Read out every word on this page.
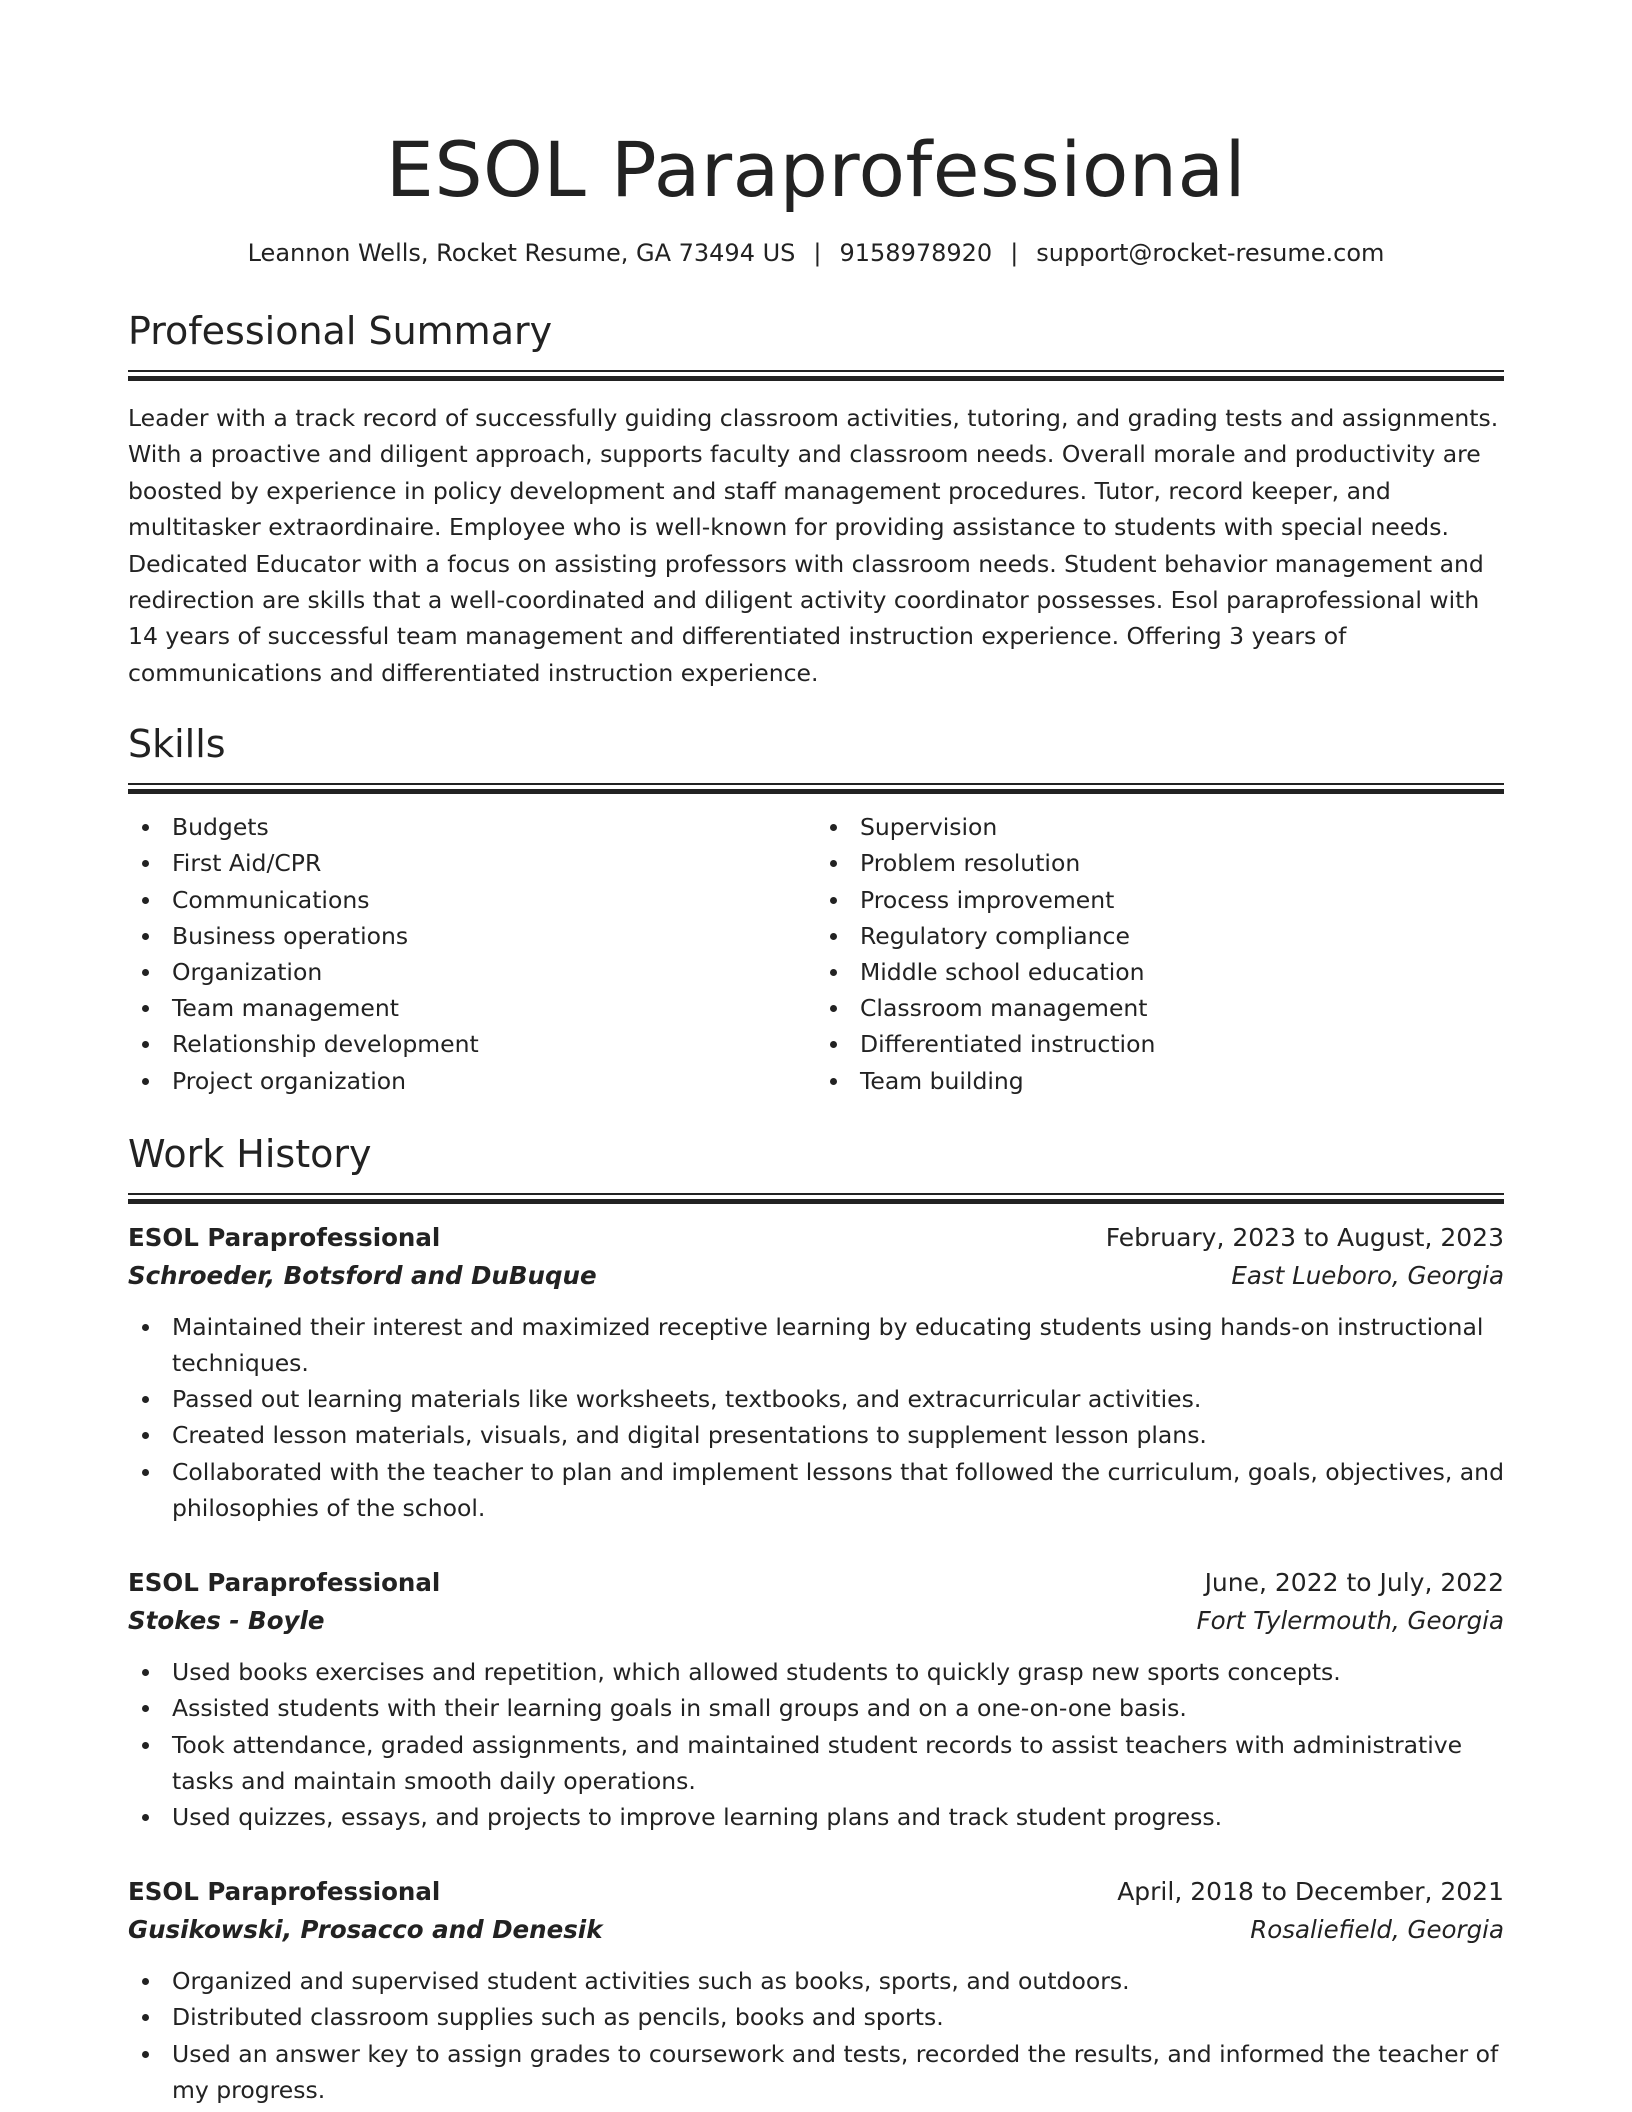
ESOL Paraprofessional
Leannon Wells, Rocket Resume, GA 73494 US | 9158978920 | support@rocket-resume.com
Professional Summary

Leader with a track record of successfully guiding classroom activities, tutoring, and grading tests and assignments. With a proactive and diligent approach, supports faculty and classroom needs. Overall morale and productivity are boosted by experience in policy development and staff management procedures. Tutor, record keeper, and multitasker extraordinaire. Employee who is well-known for providing assistance to students with special needs. Dedicated Educator with a focus on assisting professors with classroom needs. Student behavior management and redirection are skills that a well-coordinated and diligent activity coordinator possesses. Esol paraprofessional with 14 years of successful team management and differentiated instruction experience. Offering 3 years of communications and differentiated instruction experience.

Skills
Budgets
First Aid/CPR
Communications
Business operations
Organization
Team management
Relationship development
Project organization
Supervision
Problem resolution
Process improvement
Regulatory compliance
Middle school education
Classroom management
Differentiated instruction
Team building
Work History
ESOL Paraprofessional	February, 2023 to August, 2023
Schroeder, Botsford and DuBuque	East Lueboro, Georgia
Maintained their interest and maximized receptive learning by educating students using hands-on instructional techniques.
Passed out learning materials like worksheets, textbooks, and extracurricular activities.
Created lesson materials, visuals, and digital presentations to supplement lesson plans.
Collaborated with the teacher to plan and implement lessons that followed the curriculum, goals, objectives, and philosophies of the school.
ESOL Paraprofessional	June, 2022 to July, 2022
Stokes - Boyle	Fort Tylermouth, Georgia
Used books exercises and repetition, which allowed students to quickly grasp new sports concepts.
Assisted students with their learning goals in small groups and on a one-on-one basis.
Took attendance, graded assignments, and maintained student records to assist teachers with administrative tasks and maintain smooth daily operations.
Used quizzes, essays, and projects to improve learning plans and track student progress.
ESOL Paraprofessional	April, 2018 to December, 2021
Gusikowski, Prosacco and Denesik	Rosaliefield, Georgia
Organized and supervised student activities such as books, sports, and outdoors.
Distributed classroom supplies such as pencils, books and sports.
Used an answer key to assign grades to coursework and tests, recorded the results, and informed the teacher of my progress.
